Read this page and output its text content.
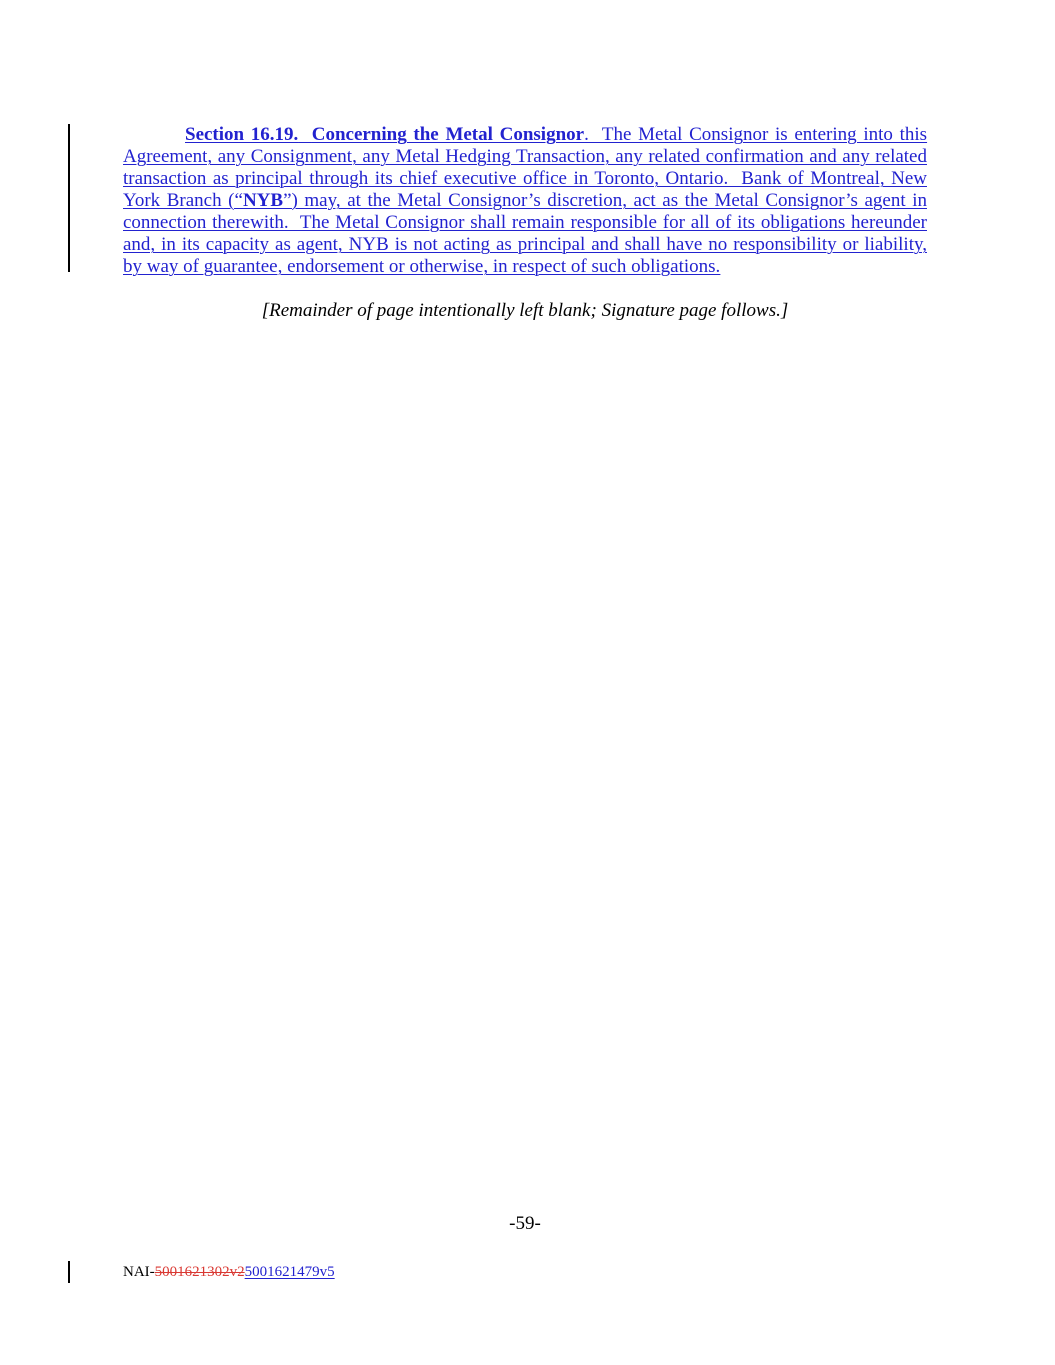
Section 16.19. Concerning the Metal Consignor.  The Metal Consignor is entering into this Agreement, any Consignment, any Metal Hedging Transaction, any related confirmation and any related transaction as principal through its chief executive office in Toronto, Ontario.  Bank of Montreal, New York Branch (“NYB”) may, at the Metal Consignor’s discretion, act as the Metal Consignor’s agent in connection therewith.  The Metal Consignor shall remain responsible for all of its obligations hereunder and, in its capacity as agent, NYB is not acting as principal and shall have no responsibility or liability, by way of guarantee, endorsement or otherwise, in respect of such obligations.

[Remainder of page intentionally left blank; Signature page follows.]

-59-
NAI-5001621302v25001621479v5
